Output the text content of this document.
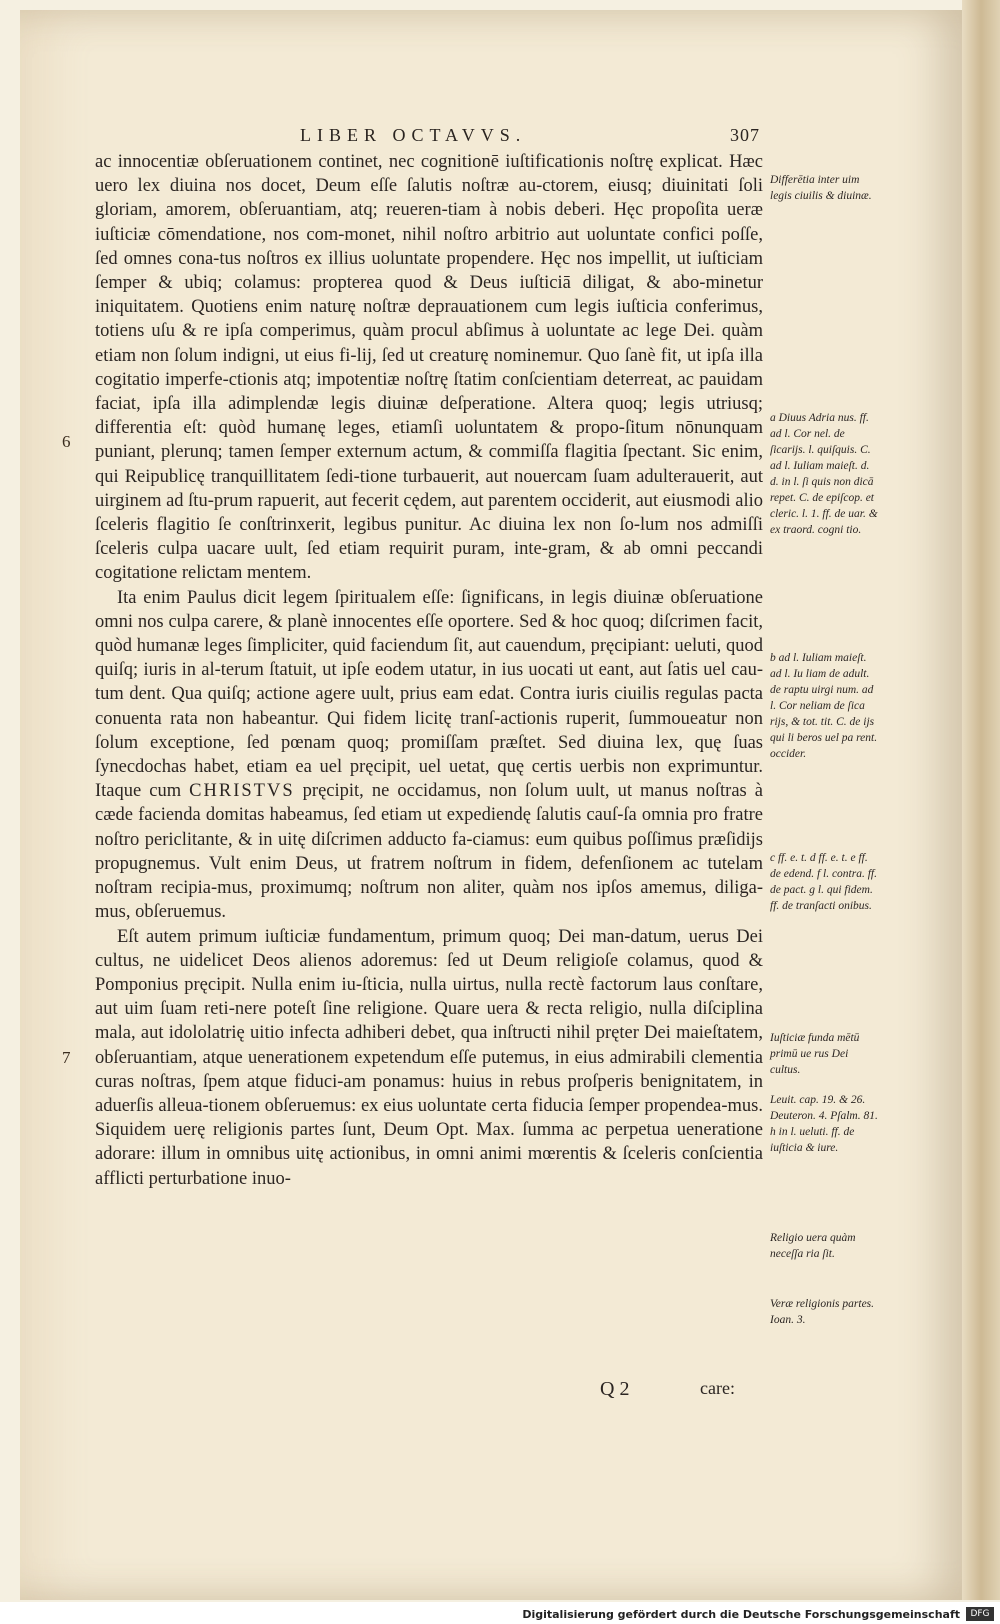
LIBER OCTAVVS.	307
6
7

ac innocentiæ obſeruationem continet, nec cognitionē iuſtificationis noſtrę explicat. Hæc uero lex diuina nos docet, Deum eſſe ſalutis noſtræ au-ctorem, eiusq; diuinitati ſoli gloriam, amorem, obſeruantiam, atq; reueren-tiam à nobis deberi. Hęc propoſita ueræ iuſticiæ cōmendatione, nos com-monet, nihil noſtro arbitrio aut uoluntate confici poſſe, ſed omnes cona-tus noſtros ex illius uoluntate propendere. Hęc nos impellit, ut iuſticiam ſemper & ubiq; colamus: propterea quod & Deus iuſticiā diligat, & abo-minetur iniquitatem. Quotiens enim naturę noſtræ deprauationem cum legis iuſticia conferimus, totiens uſu & re ipſa comperimus, quàm procul abſimus à uoluntate ac lege Dei. quàm etiam non ſolum indigni, ut eius fi-lij, ſed ut creaturę nominemur. Quo ſanè fit, ut ipſa illa cogitatio imperfe-ctionis atq; impotentiæ noſtrę ſtatim conſcientiam deterreat, ac pauidam faciat, ipſa illa adimplendæ legis diuinæ deſperatione. Altera quoq; legis utriusq; differentia eſt: quòd humanę leges, etiamſi uoluntatem & propo-ſitum nōnunquam puniant, plerunq; tamen ſemper externum actum, & commiſſa flagitia ſpectant. Sic enim, qui Reipublicę tranquillitatem ſedi-tione turbauerit, aut nouercam ſuam adulterauerit, aut uirginem ad ſtu-prum rapuerit, aut fecerit cędem, aut parentem occiderit, aut eiusmodi alio ſceleris flagitio ſe conſtrinxerit, legibus punitur. Ac diuina lex non ſo-lum nos admiſſi ſceleris culpa uacare uult, ſed etiam requirit puram, inte-gram, & ab omni peccandi cogitatione relictam mentem.

Ita enim Paulus dicit legem ſpiritualem eſſe: ſignificans, in legis diuinæ obſeruatione omni nos culpa carere, & planè innocentes eſſe oportere. Sed & hoc quoq; diſcrimen facit, quòd humanæ leges ſimpliciter, quid faciendum ſit, aut cauendum, pręcipiant: ueluti, quod quiſq; iuris in al-terum ſtatuit, ut ipſe eodem utatur, in ius uocati ut eant, aut ſatis uel cau-tum dent. Qua quiſq; actione agere uult, prius eam edat. Contra iuris ciuilis regulas pacta conuenta rata non habeantur. Qui fidem licitę tranſ-actionis ruperit, ſummoueatur non ſolum exceptione, ſed pœnam quoq; promiſſam præſtet. Sed diuina lex, quę ſuas ſynecdochas habet, etiam ea uel pręcipit, uel uetat, quę certis uerbis non exprimuntur. Itaque cum CHRISTVS pręcipit, ne occidamus, non ſolum uult, ut manus noſtras à cæde facienda domitas habeamus, ſed etiam ut expediendę ſalutis cauſ-ſa omnia pro fratre noſtro periclitante, & in uitę diſcrimen adducto fa-ciamus: eum quibus poſſimus præſidijs propugnemus. Vult enim Deus, ut fratrem noſtrum in fidem, defenſionem ac tutelam noſtram recipia-mus, proximumq; noſtrum non aliter, quàm nos ipſos amemus, diliga-mus, obſeruemus.

Eſt autem primum iuſticiæ fundamentum, primum quoq; Dei man-datum, uerus Dei cultus, ne uidelicet Deos alienos adoremus: ſed ut Deum religioſe colamus, quod & Pomponius pręcipit. Nulla enim iu-ſticia, nulla uirtus, nulla rectè factorum laus conſtare, aut uim ſuam reti-nere poteſt ſine religione. Quare uera & recta religio, nulla diſciplina mala, aut idololatrię uitio infecta adhiberi debet, qua inſtructi nihil pręter Dei maieſtatem, obſeruantiam, atque uenerationem expetendum eſſe putemus, in eius admirabili clementia curas noſtras, ſpem atque fiduci-am ponamus: huius in rebus proſperis benignitatem, in aduerſis alleua-tionem obſeruemus: ex eius uoluntate certa fiducia ſemper propendea-mus. Siquidem uerę religionis partes ſunt, Deum Opt. Max. ſumma ac perpetua ueneratione adorare: illum in omnibus uitę actionibus, in omni animi mœrentis & ſceleris conſcientia afflicti perturbatione inuo-

Differētia inter uim legis ciuilis & diuinæ.
a Diuus Adria nus. ff. ad l. Cor nel. de ſicarijs. l. quiſquis. C. ad l. Iuliam maieſt. d. d. in l. ſi quis non dicā repet. C. de epiſcop. et cleric. l. 1. ff. de uar. & ex traord. cogni tio.
b ad l. Iuliam maieſt. ad l. Iu liam de adult. de raptu uirgi num. ad l. Cor neliam de ſica rijs, & tot. tit. C. de ijs qui li beros uel pa rent. occider.
c ff. e. t. d ff. e. t. e ff. de edend. f l. contra. ff. de pact. g l. qui fidem. ff. de tranſacti onibus.
Iuſticiæ funda mētū primū ue rus Dei cultus.
Leuit. cap. 19. & 26. Deuteron. 4. Pſalm. 81. h in l. ueluti. ff. de iuſticia & iure.
Religio uera quàm neceſſa ria ſit.
Veræ religionis partes. Ioan. 3.
Q 2	care:
Digitalisierung gefördert durch die Deutsche Forschungsgemeinschaft	DFG
